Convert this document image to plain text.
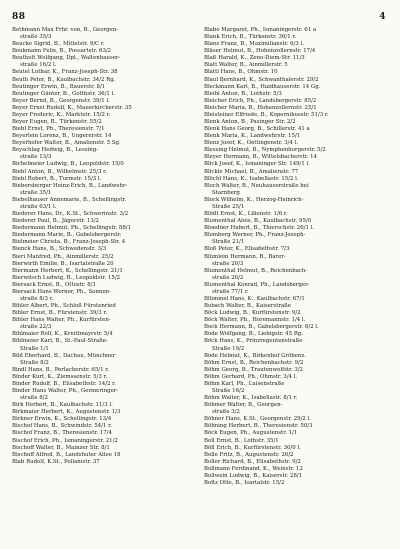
88	4
Bethmann Max Frhr. von, B., Georgen-
straße 35/3
Beucke Sigrid, B., Mittelstr. 9/C r.
Beukmann Felix, B., Possartstr. 63/2
Beutholt Wolfgang, Dpl., Waltenhauser-
straße 16/2 l.
Beutel Lothar, K., Franz-Joseph-Str. 38
Beuth Peter, B., Kaulbachstr. 34/2 Rg.
Beutinger Erwin, B., Bauerstr. 8/1
Beutinger Günter, B., Gotthstr. 36/1 l.
Beyer Bernd, B., Georgenstr. 39/1 l.
Beyer Ernst Rudolf, K., Mauerkircherstr. 35
Beyer Frederic, K., Marktstr. 15/2 r.
Beyer Eugen, B., Türkenstr. 55/2
Biebl Ernst, Ph., Theresienstr. 7/1
Beyerlein Lorenz, B., Ungererstr. 14
Beyerhofer Walter, B., Amalienstr. 5 Sg.
Beyschlag Hedwig, B., Lessing-
straße 13/3
Bichelmeier Ludwig, B., Leopoldstr. 15/0
Biebl Anton, B., Wilhelmstr. 25/3 r.
Biebl Robert, B., Turmstr. 15/3 l.
Biebersberger Heinz-Erich, B., Landwehr-
straße 35/1
Biebelhauser Annemarie, B., Schellingstr.
straße 63/1 l.
Biederer Hans, Dr., K.St., Schwerinstr. 3/2
Biederer Paul, B., Jägerstr. 13/2
Biedermann Helmut, Ph., Schellingstr. 88/1
Biedermann Marie, B., Gabelsbergerstr.
Bielmeier Christa, B., Franz-Joseph-Str. 4
Bienck Hans, B., Schwedenstr. 3/3
Bieri Manfred, Ph., Ainmillerstr. 25/2
Bierwirth Emilie, B., Isartalstraße 20
Biermann Herbert, K., Schellingstr. 21/1
Bierwitsch Ludwig, B., Leopoldstr. 15/2
Biersack Ernst, B., Ottostr. 8/1
Biersack Hans Werner, Ph., Sonnen-
straße 8/3 r.
Bihler Albert, Ph., Schloß Fürstenried
Bihler Ernst, B., Fürstenstr. 39/3 r.
Bihler Hans Walter, Ph., Kurfürsten-
straße 22/3
Bihlmaier Rolf, K., Kreittmayrstr. 5/4
Bihlmeier Karl, B., St.-Paul-Straße-
Straße 1/1
Bild Eberhard, B., Dachau, Münchner
Straße 8/2
Bindl Hans, B., Perlacherstr. 65/1 r.
Binder Kurt, K., Ziemssenstr. 5/3 r.
Binder Rudolf, B., Elisabethstr. 14/2 r.
Binder Hans Walter, Ph., Germeringer-
straße 8/2
Birk Herbert, B., Kaulbachstr. 11/3 l.
Birkmaier Herbert, K., Augustenstr. 1/3
Birkner Erwin, K., Schellingstr. 13/4
Bischof Hans, B., Schwindstr. 54/1 r.
Bischof Franz, B., Theresienstr. 17/4
Bischof Erich, Ph., Ismaningerstr. 21/2
Bischoff Walter, B., Mainzer Str. 8/1
Bischoff Alfred, B., Landshuter Allee 18
Blab Rudolf, K.St., Pollanistr. 37
Blabe Margaret, Ph., Ismaningerstr. 61 a
Blank Erich, B., Türkenstr. 36/1 r.
Blanz Franz, B., Maximilianstr. 6/3 l.
Bläser Helmut, B., Hohenzollernstr. 17/4
Blaß Harald, K., Zeno-Diem-Str. 11/3
Blatt Walter, B., Ainmillerstr. 5
Blattl Hans, B., Ohmstr. 10
Blaul Bernhard, K., Schwanthalerstr. 29/2
Bleckmann Karl, B., Haidhauserstr. 14 Gg.
Bleibl Anton, B., Lothstr. 5/3
Bleicher Erich, Ph., Landsbergerstr. 85/2
Bleicher Maria, B., Hohenzollernstr. 25/1
Bleisteiner Elfriede, B., Kopernikusstr. 51/3 r.
Blenk Anton, B., Pasinger Str. 2/2
Blenk Hans Georg, B., Schillerstr. 41 a
Blenk Maria, K., Landwehrstr. 15/1
Blenz Josef, K., Oettingenstr. 3/4 l.
Blessing Helmut, B., Nymphenburgerstr. 5/2
Bleyer Hermann, B., Wittelsbacherstr. 14
Blick Josef, K., Ismaninger Str. 149/1 l.
Blickle Michael, B., Amalienstr. 77
Blöchl Hans, K., Isabellastr. 15/2 l.
Bloch Walter, B., Neuhauserstraße bei
Starnberg
Block Wilhelm, K., Herzog-Heinrich-
Straße 25/1
Blödt Ernst, K., Lilienstr. 1/6 r.
Blumenthal Alois, B., Kaulbachstr. 95/0
Bloedner Hubert, B., Thierschstr. 26/1 l.
Blomberg Werner, Ph., Franz-Joseph-
Straße 21/1
Bloß Peter, K., Elisabethstr. 7/3
Blümlein Hermann, B., Barer-
straße 20/3
Blumenthal Helmut, B., Reichenbach-
straße 20/2
Blumenthal Konrad, Ph., Landsberger-
straße 77/1 r.
Blümmel Hans, K., Kaulbachstr. 67/1
Bobach Walter, B., Kaiserstraße
Böck Ludwig, B., Kurfürstenstr. 9/2
Böck Walter, Ph., Horemannstr. 1/4 l.
Bock Hermann, B., Gabelsbergerstr. 8/2 l.
Bode Wolfgang, B., Liebigstr. 45 Rg.
Böck Hans, K., Prinzregentenstraße
Straße 19/2
Bode Helmut, K., Birkenhof Gröbenz.
Böhm Ernst, B., Reichenbachstr. 9/2
Böhm Georg, B., Trautenwolfstr. 3/2
Böhm Gerhard, Ph., Ohmstr. 3/4 l.
Böhm Karl, Ph., Luisenstraße
Straße 16/2
Böhm Walter, K., Isabellastr. 8/1 r.
Böhmer Walter, B., Georgen-
straße 3/2
Böhner Hans, K.St., Georgenstr. 29/2 l.
Böhning Herbert, B., Theresienstr. 50/3
Böck Eugen, Ph., Augustenstr. 1/1
Boll Ernst, B., Lothstr. 35/1
Böll Erich, B., Kurfürstenstr. 30/0 l.
Bolle Fritz, B., Augustenstr. 26/2
Boller Richard, B., Elisabethstr. 9/2
Bollmann Ferdinand, K., Weinstr. 12
Bollwein Ludwig, B., Kaiserstr. 28/1
Boltz Otto, B., Isartalstr. 15/2
